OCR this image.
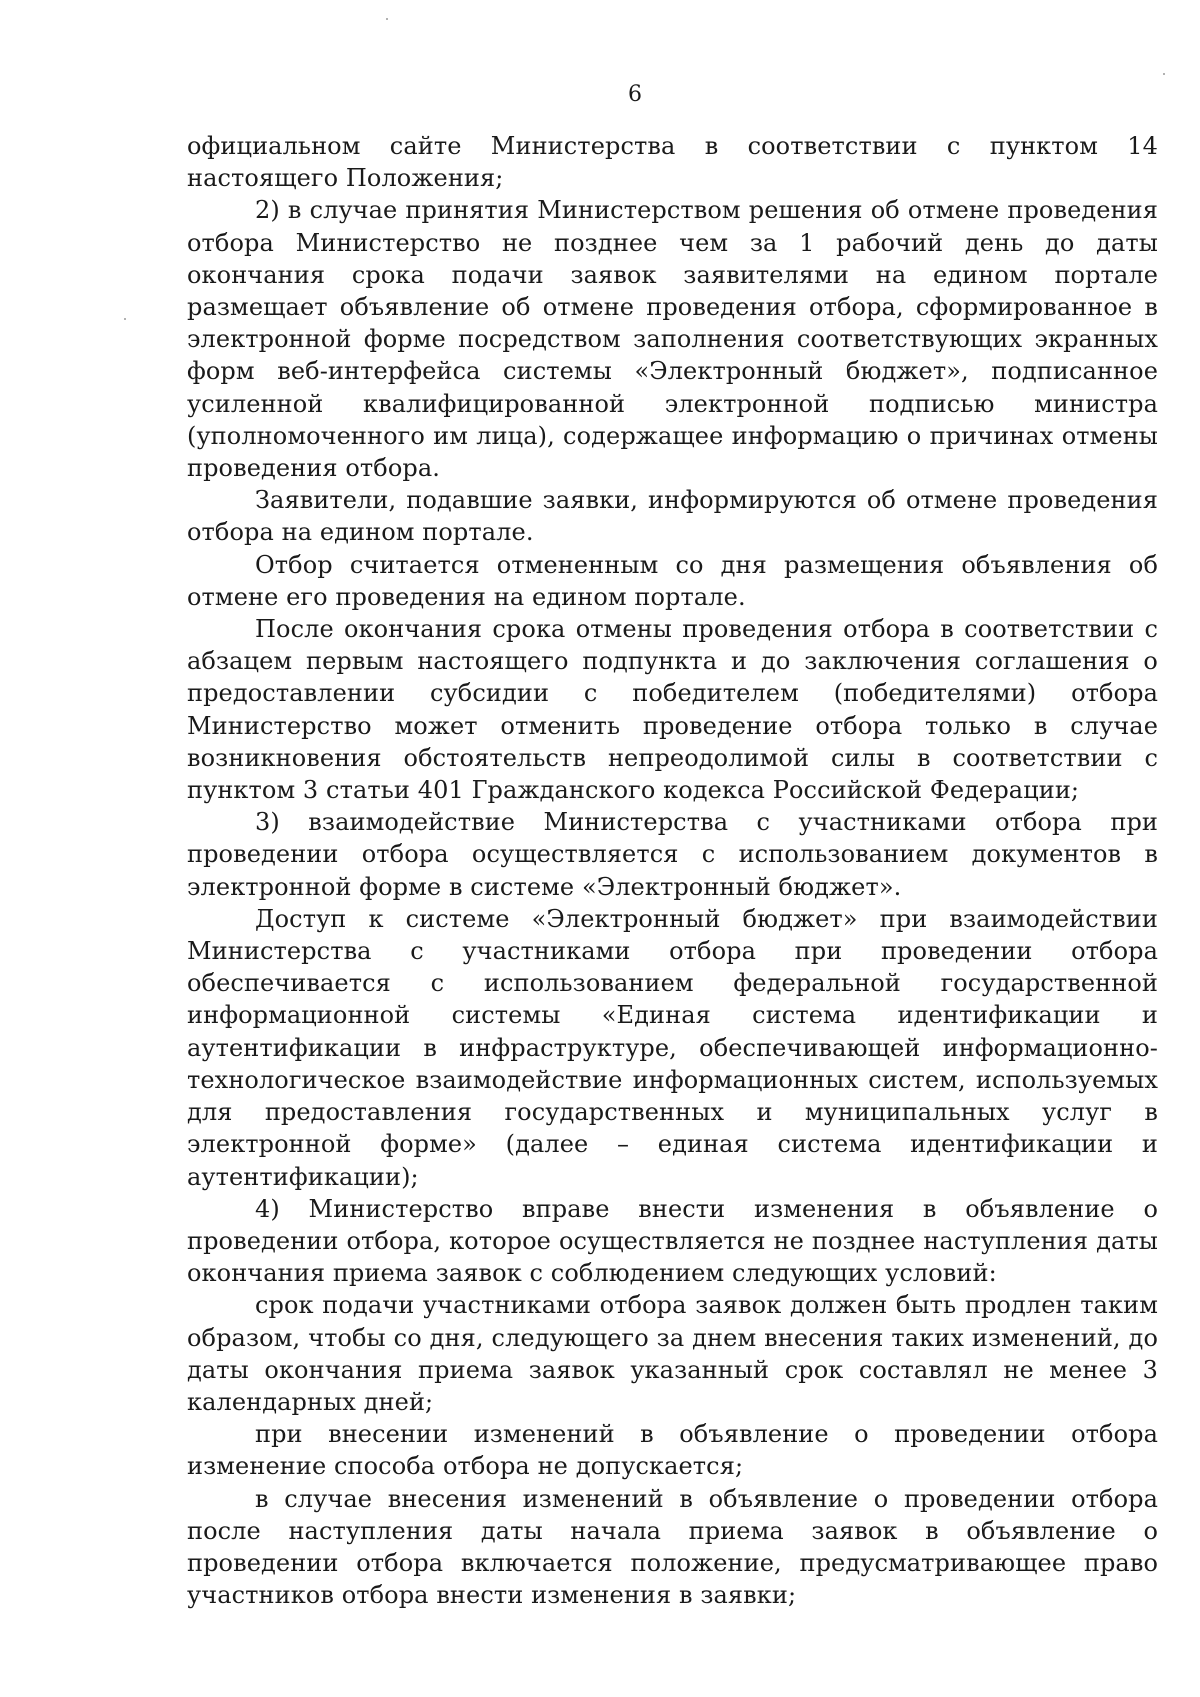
6

официальном сайте Министерства в соответствии с пунктом 14 настоящего Положения;

2) в случае принятия Министерством решения об отмене проведения отбора Министерство не позднее чем за 1 рабочий день до даты окончания срока подачи заявок заявителями на едином портале размещает объявление об отмене проведения отбора, сформированное в электронной форме посредством заполнения соответствующих экранных форм веб-интерфейса системы «Электронный бюджет», подписанное усиленной квалифицированной электронной подписью министра (уполномоченного им лица), содержащее информацию о причинах отмены проведения отбора.

Заявители, подавшие заявки, информируются об отмене проведения отбора на едином портале.

Отбор считается отмененным со дня размещения объявления об отмене его проведения на едином портале.

После окончания срока отмены проведения отбора в соответствии с абзацем первым настоящего подпункта и до заключения соглашения о предоставлении субсидии с победителем (победителями) отбора Министерство может отменить проведение отбора только в случае возникновения обстоятельств непреодолимой силы в соответствии с пунктом 3 статьи 401 Гражданского кодекса Российской Федерации;

3) взаимодействие Министерства с участниками отбора при проведении отбора осуществляется с использованием документов в электронной форме в системе «Электронный бюджет».

Доступ к системе «Электронный бюджет» при взаимодействии Министерства с участниками отбора при проведении отбора обеспечивается с использованием федеральной государственной информационной системы «Единая система идентификации и аутентификации в инфраструктуре, обеспечивающей информационно-технологическое взаимодействие информационных систем, используемых для предоставления государственных и муниципальных услуг в электронной форме» (далее – единая система идентификации и аутентификации);

4) Министерство вправе внести изменения в объявление о проведении отбора, которое осуществляется не позднее наступления даты окончания приема заявок с соблюдением следующих условий:

срок подачи участниками отбора заявок должен быть продлен таким образом, чтобы со дня, следующего за днем внесения таких изменений, до даты окончания приема заявок указанный срок составлял не менее 3 календарных дней;

при внесении изменений в объявление о проведении отбора изменение способа отбора не допускается;

в случае внесения изменений в объявление о проведении отбора после наступления даты начала приема заявок в объявление о проведении отбора включается положение, предусматривающее право участников отбора внести изменения в заявки;
